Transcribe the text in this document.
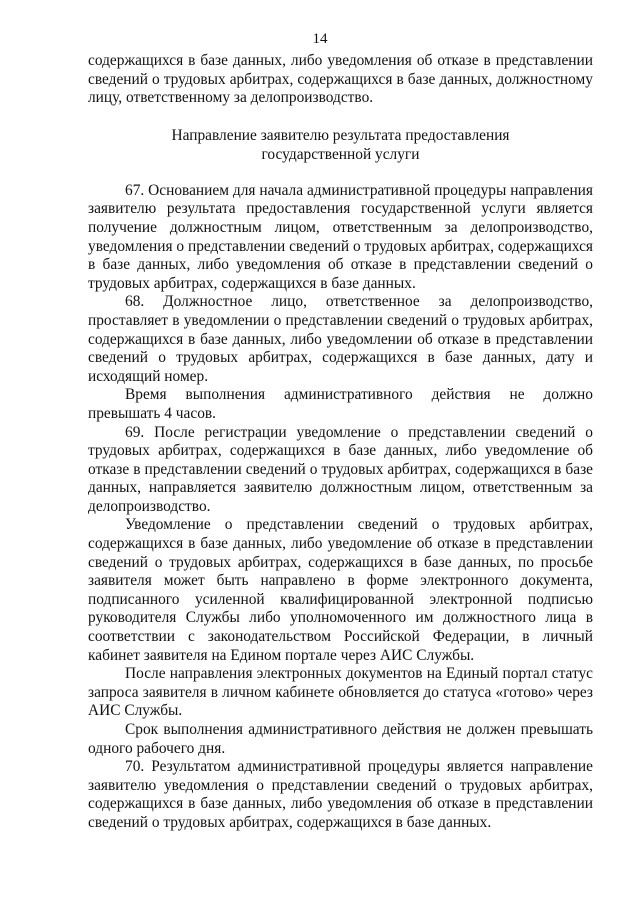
14

содержащихся в базе данных, либо уведомления об отказе в представлении сведений о трудовых арбитрах, содержащихся в базе данных, должностному лицу, ответственному за делопроизводство.

Направление заявителю результата предоставления
государственной услуги

67. Основанием для начала административной процедуры направления заявителю результата предоставления государственной услуги является получение должностным лицом, ответственным за делопроизводство, уведомления о представлении сведений о трудовых арбитрах, содержащихся в базе данных, либо уведомления об отказе в представлении сведений о трудовых арбитрах, содержащихся в базе данных.

68. Должностное лицо, ответственное за делопроизводство, проставляет в уведомлении о представлении сведений о трудовых арбитрах, содержащихся в базе данных, либо уведомлении об отказе в представлении сведений о трудовых арбитрах, содержащихся в базе данных, дату и исходящий номер.

Время выполнения административного действия не должно превышать 4 часов.

69. После регистрации уведомление о представлении сведений о трудовых арбитрах, содержащихся в базе данных, либо уведомление об отказе в представлении сведений о трудовых арбитрах, содержащихся в базе данных, направляется заявителю должностным лицом, ответственным за делопроизводство.

Уведомление о представлении сведений о трудовых арбитрах, содержащихся в базе данных, либо уведомление об отказе в представлении сведений о трудовых арбитрах, содержащихся в базе данных, по просьбе заявителя может быть направлено в форме электронного документа, подписанного усиленной квалифицированной электронной подписью руководителя Службы либо уполномоченного им должностного лица в соответствии с законодательством Российской Федерации, в личный кабинет заявителя на Едином портале через АИС Службы.

После направления электронных документов на Единый портал статус запроса заявителя в личном кабинете обновляется до статуса «готово» через АИС Службы.

Срок выполнения административного действия не должен превышать одного рабочего дня.

70. Результатом административной процедуры является направление заявителю уведомления о представлении сведений о трудовых арбитрах, содержащихся в базе данных, либо уведомления об отказе в представлении сведений о трудовых арбитрах, содержащихся в базе данных.
